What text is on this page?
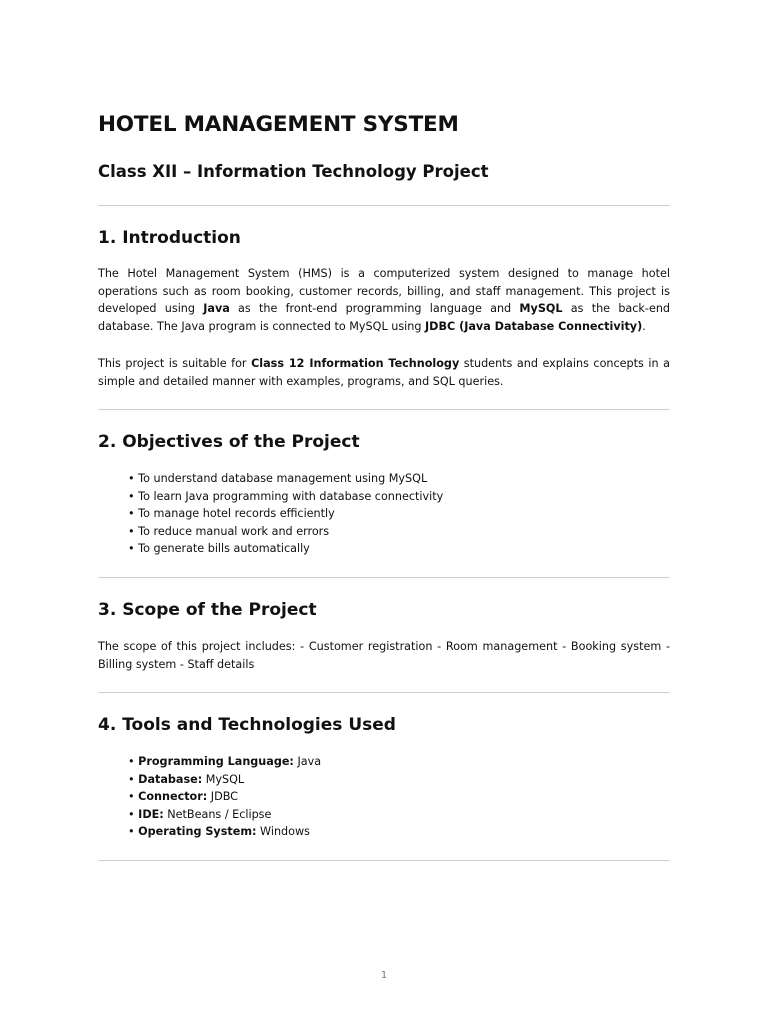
HOTEL MANAGEMENT SYSTEM
Class XII – Information Technology Project
1. Introduction

The Hotel Management System (HMS) is a computerized system designed to manage hotel operations such as room booking, customer records, billing, and staff management. This project is developed using Java as the front-end programming language and MySQL as the back-end database. The Java program is connected to MySQL using JDBC (Java Database Connectivity).

This project is suitable for Class 12 Information Technology students and explains concepts in a simple and detailed manner with examples, programs, and SQL queries.

2. Objectives of the Project
• To understand database management using MySQL
• To learn Java programming with database connectivity
• To manage hotel records efficiently
• To reduce manual work and errors
• To generate bills automatically
3. Scope of the Project

The scope of this project includes: - Customer registration - Room management - Booking system - Billing system - Staff details

4. Tools and Technologies Used
• Programming Language: Java
• Database: MySQL
• Connector: JDBC
• IDE: NetBeans / Eclipse
• Operating System: Windows
1
